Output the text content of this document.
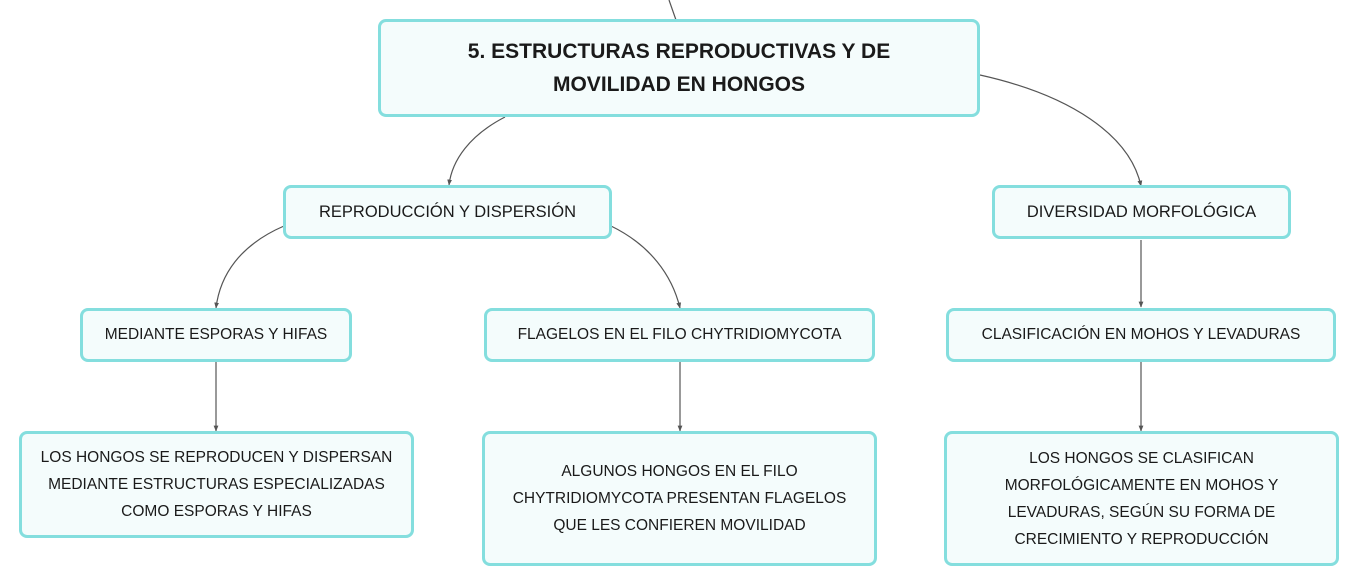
5. ESTRUCTURAS REPRODUCTIVAS Y DE
MOVILIDAD EN HONGOS
REPRODUCCIÓN Y DISPERSIÓN	DIVERSIDAD MORFOLÓGICA
MEDIANTE ESPORAS Y HIFAS	FLAGELOS EN EL FILO CHYTRIDIOMYCOTA	CLASIFICACIÓN EN MOHOS Y LEVADURAS
LOS HONGOS SE REPRODUCEN Y DISPERSAN
MEDIANTE ESTRUCTURAS ESPECIALIZADAS
COMO ESPORAS Y HIFAS
ALGUNOS HONGOS EN EL FILO
CHYTRIDIOMYCOTA PRESENTAN FLAGELOS
QUE LES CONFIEREN MOVILIDAD
LOS HONGOS SE CLASIFICAN
MORFOLÓGICAMENTE EN MOHOS Y
LEVADURAS, SEGÚN SU FORMA DE
CRECIMIENTO Y REPRODUCCIÓN
